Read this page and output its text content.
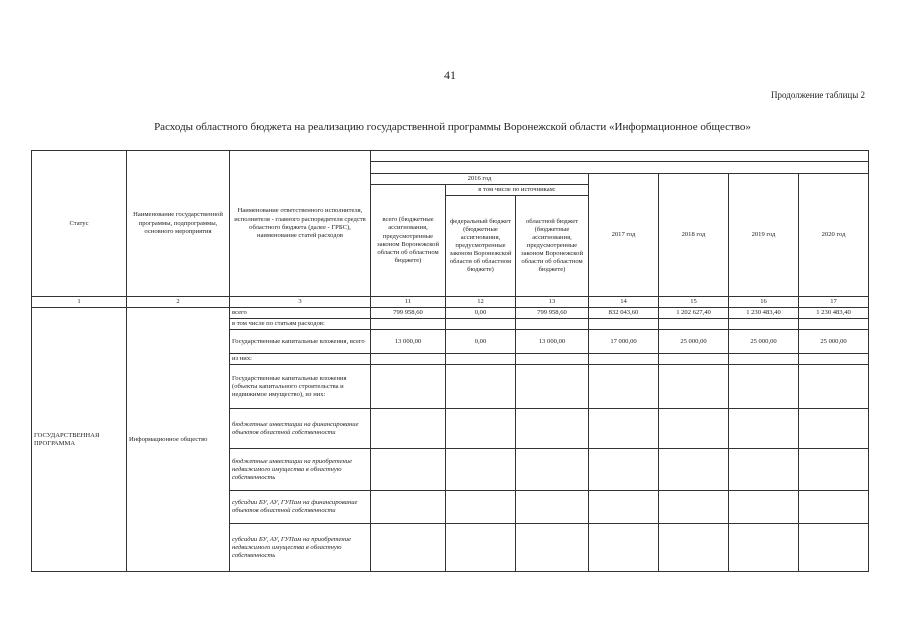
41
Продолжение таблицы 2
Расходы областного бюджета на реализацию государственной программы Воронежской области «Информационное общество»
Статус	Наименование государственной программы, подпрограммы, основного мероприятия	Наименование ответственного исполнителя, исполнителя - главного распорядителя средств областного бюджета (далее - ГРБС), наименование статей расходов							

			2016 год			2017 год	2018 год	2019 год	2020 год
			всего (бюджетные ассигнования, предусмотренные законом Воронежской области об областном бюджете)	в том числе по источникам:					
				федеральный бюджет (бюджетные ассигнования, предусмотренные законом Воронежской области об областном бюджете)	областной бюджет (бюджетные ассигнования, предусмотренные законом Воронежской области об областном бюджете)				
1	2	3	11	12	13	14	15	16	17
ГОСУДАРСТВЕННАЯ ПРОГРАММА	Информационное общество	всего	799 958,60	0,00	799 958,60	832 043,60	1 202 627,40	1 230 483,40	1 230 483,40
		в том числе по статьям расходов:							
		Государственные капитальные вложения, всего	13 000,00	0,00	13 000,00	17 000,00	25 000,00	25 000,00	25 000,00
		из них:							
		Государственные капитальные вложения (объекты капитального строительства и недвижимое имущество), из них:							
		бюджетные инвестиции на финансирование объектов областной собственности							
		бюджетные инвестиции на приобретение недвижимого имущества в областную собственность							
		субсидии БУ, АУ, ГУПам на финансирование объектов областной собственности							
		субсидии БУ, АУ, ГУПам на приобретение недвижимого имущества в областную собственность							
